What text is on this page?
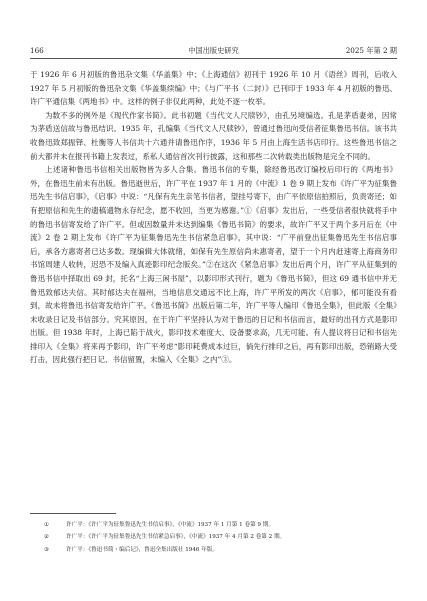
166	中国出版史研究	2025 年第 2 期

于 1926 年 6 月初版的鲁迅杂文集《华盖集》中；《上海通信》初刊于 1926 年 10 月《语丝》周刊，后收入 1927 年 5 月初版的鲁迅杂文集《华盖集续编》中；《与广平书（二封）》已刊印于 1933 年 4 月初版的鲁迅、许广平通信集《两地书》中。这样的例子非仅此两种，此处不逐一枚举。

为数不多的例外是《现代作家书简》。此书初题《当代文人尺牍钞》，由孔另境编选。孔是茅盾妻弟，因常为茅盾送信故与鲁迅结识。1935 年，孔编集《当代文人尺牍钞》，曾通过鲁迅向受信者征集鲁迅书信。该书共收鲁迅致郑振铎、杜衡等人书信共十六通并请鲁迅作序，1936 年 5 月由上海生活书店印行。这些鲁迅书信之前大都并未在报刊书籍上发表过，系私人通信首次刊行披露，这和那些二次转载类出版物是完全不同的。

上述诸种鲁迅书信相关出版物皆为多人合集。鲁迅书信的专集，除经鲁迅改订编校后印行的《两地书》外，在鲁迅生前未有出版。鲁迅逝世后，许广平在 1937 年 1 月的《中流》1 卷 9 期上发布《许广平为征集鲁迅先生书信启事》，《启事》中说：“凡保有先生亲笔书信者，望挂号寄下，由广平依原信拍照后，负责寄还；如有把原信和先生的遗稿遗物永存纪念，愿不收回，当更为感谢。”①《启事》发出后，一些受信者很快就将手中的鲁迅书信寄发给了许广平。但或因数量并未达到编集《鲁迅书简》的要求，故许广平又于两个多月后在《中流》2 卷 2 期上发布《许广平为征集鲁迅先生书信紧急启事》，其中说：“广平前登出征集鲁迅先生书信启事后，承各方惠寄者已达多数。现编辑大体就绪，如保有先生原信尚未惠寄者，望于一个月内赶速寄上海商务印书馆周建人收转，迟恐不及编入真迹影印纪念版矣。”②在这次《紧急启事》发出后两个月，许广平从征集到的鲁迅书信中择取出 69 封，托名“上海三闲书屋”，以影印形式刊行，题为《鲁迅书简》，但这 69 通书信中并无鲁迅致郁达夫信。其时郁达夫在福州，当地信息交通远不比上海，许广平所发的两次《启事》，郁可能没有看到，故未将鲁迅书信寄发给许广平。《鲁迅书简》出版后第二年，许广平等人编印《鲁迅全集》，但此版《全集》未收录日记及书信部分。究其原因，在于许广平坚持认为对于鲁迅的日记和书信而言，最好的出刊方式是影印出版。但 1938 年时，上海已陷于战火，影印技术难度大、设备要求高，几无可能。有人提议将日记和书信先排印入《全集》将来再予影印，许广平考虑“影印耗费成本过巨，倘先行排印之后，再有影印出版，恐销路大受打击，因此强行把日记、书信留置，未编入《全集》之内”③。

①	许广平：《许广平为征集鲁迅先生书信启事》，《中流》1937 年 1 月第 1 卷第 9 期。
②	许广平：《许广平为征集鲁迅先生书信紧急启事》，《中流》1937 年 4 月第 2 卷第 2 期。
③	许广平：《鲁迅书简・编后记》，鲁迅全集出版社 1946 年版。
